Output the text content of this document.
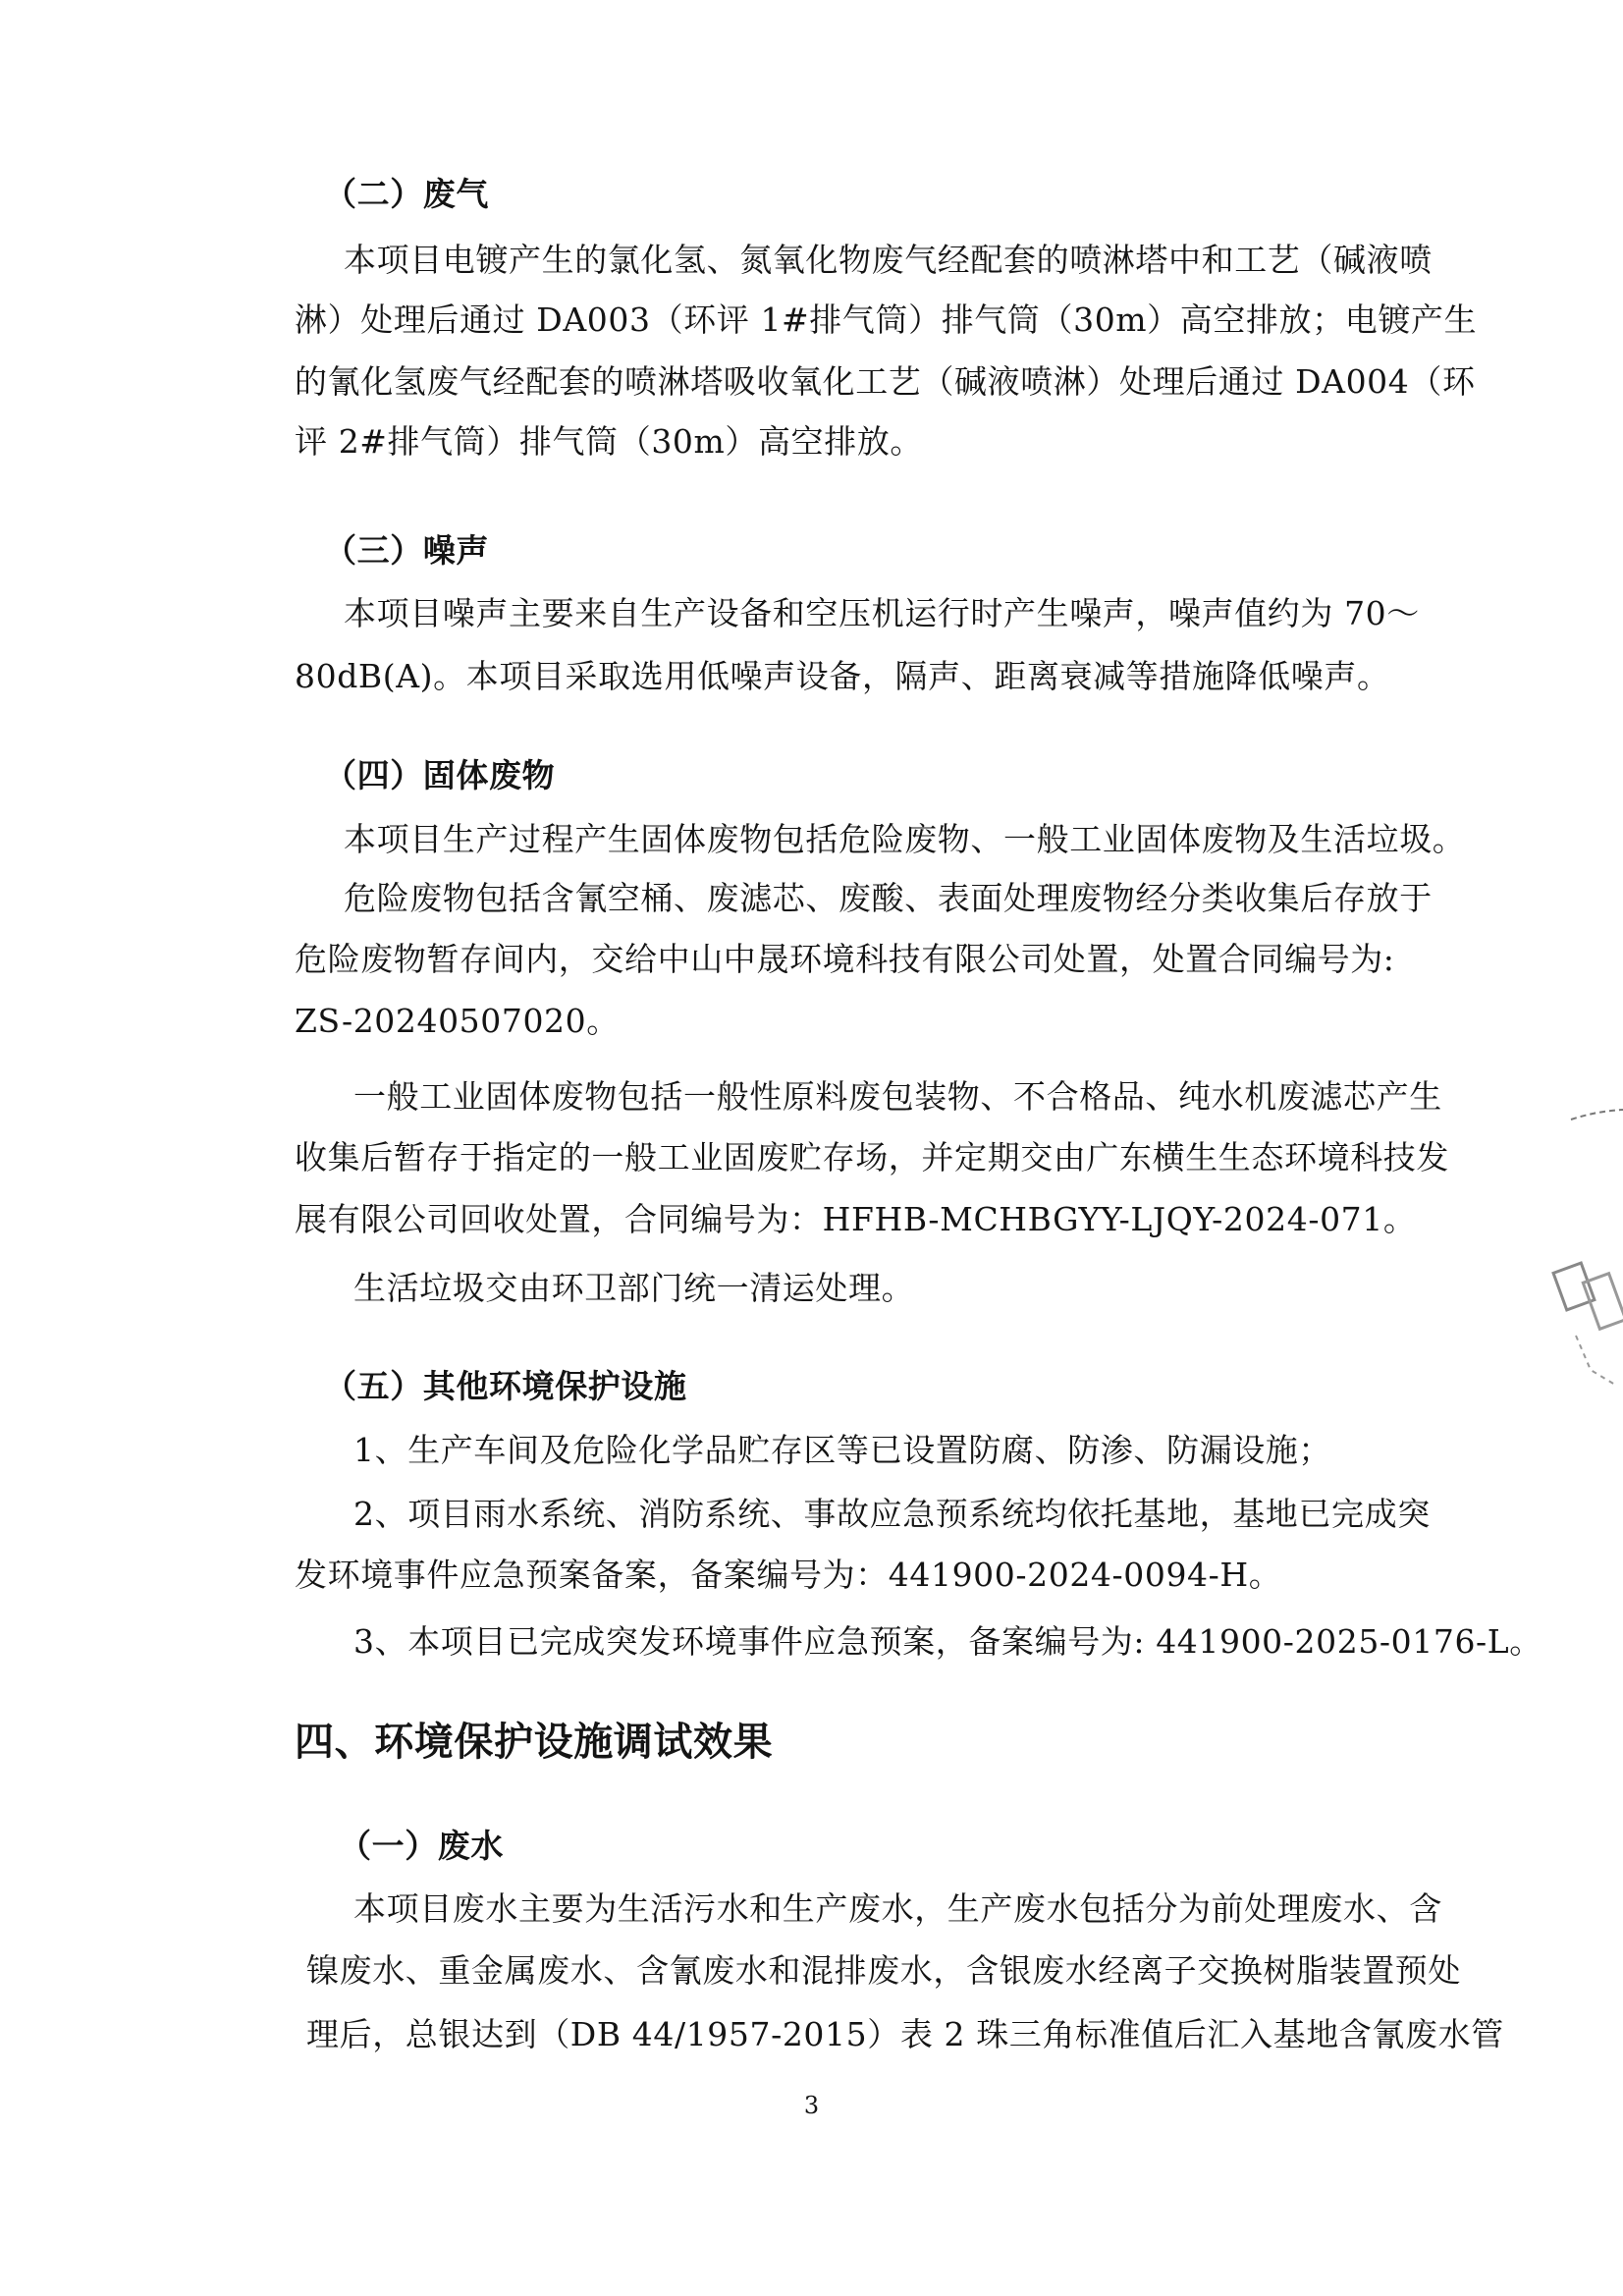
（二）废气
本项目电镀产生的氯化氢、氮氧化物废气经配套的喷淋塔中和工艺（碱液喷
淋）处理后通过 DA003（环评 1#排气筒）排气筒（30m）高空排放；电镀产生
的氰化氢废气经配套的喷淋塔吸收氧化工艺（碱液喷淋）处理后通过 DA004（环
评 2#排气筒）排气筒（30m）高空排放。
（三）噪声
本项目噪声主要来自生产设备和空压机运行时产生噪声，噪声值约为 70～
80dB(A)。本项目采取选用低噪声设备，隔声、距离衰减等措施降低噪声。
（四）固体废物
本项目生产过程产生固体废物包括危险废物、一般工业固体废物及生活垃圾。
危险废物包括含氰空桶、废滤芯、废酸、表面处理废物经分类收集后存放于
危险废物暂存间内，交给中山中晟环境科技有限公司处置，处置合同编号为:
ZS-20240507020。
一般工业固体废物包括一般性原料废包装物、不合格品、纯水机废滤芯产生
收集后暂存于指定的一般工业固废贮存场，并定期交由广东横生生态环境科技发
展有限公司回收处置，合同编号为：HFHB-MCHBGYY-LJQY-2024-071。
生活垃圾交由环卫部门统一清运处理。
（五）其他环境保护设施
1、生产车间及危险化学品贮存区等已设置防腐、防渗、防漏设施；
2、项目雨水系统、消防系统、事故应急预系统均依托基地，基地已完成突
发环境事件应急预案备案，备案编号为：441900-2024-0094-H。
3、本项目已完成突发环境事件应急预案，备案编号为: 441900-2025-0176-L。
四、环境保护设施调试效果
（一）废水
本项目废水主要为生活污水和生产废水，生产废水包括分为前处理废水、含
镍废水、重金属废水、含氰废水和混排废水，含银废水经离子交换树脂装置预处
理后，总银达到（DB 44/1957-2015）表 2 珠三角标准值后汇入基地含氰废水管
3
